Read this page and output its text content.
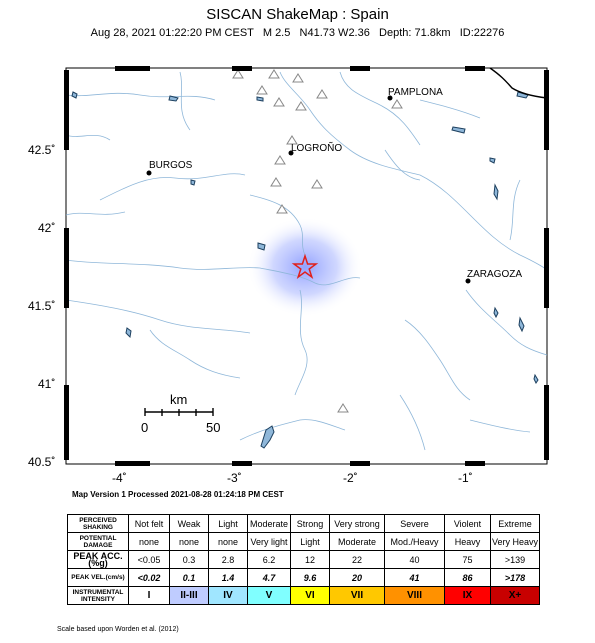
SISCAN ShakeMap : Spain
Aug 28, 2021 01:22:20 PM CEST   M 2.5   N41.73 W2.36   Depth: 71.8km   ID:22276
PAMPLONA
LOGROÑO
BURGOS
ZARAGOZA
km
0	50
-4˚	-3˚	-2˚	-1˚
42.5˚
42˚
41.5˚
41˚
40.5˚
Map Version 1 Processed 2021-08-28 01:24:18 PM CEST
PERCEIVED SHAKING	Not felt	Weak	Light	Moderate	Strong	Very strong	Severe	Violent	Extreme
POTENTIAL DAMAGE	none	none	none	Very light	Light	Moderate	Mod./Heavy	Heavy	Very Heavy
PEAK ACC.(%g)	<0.05	0.3	2.8	6.2	12	22	40	75	>139
PEAK VEL.(cm/s)	<0.02	0.1	1.4	4.7	9.6	20	41	86	>178
INSTRUMENTAL INTENSITY	I	II-III	IV	V	VI	VII	VIII	IX	X+
Scale based upon Worden et al. (2012)
